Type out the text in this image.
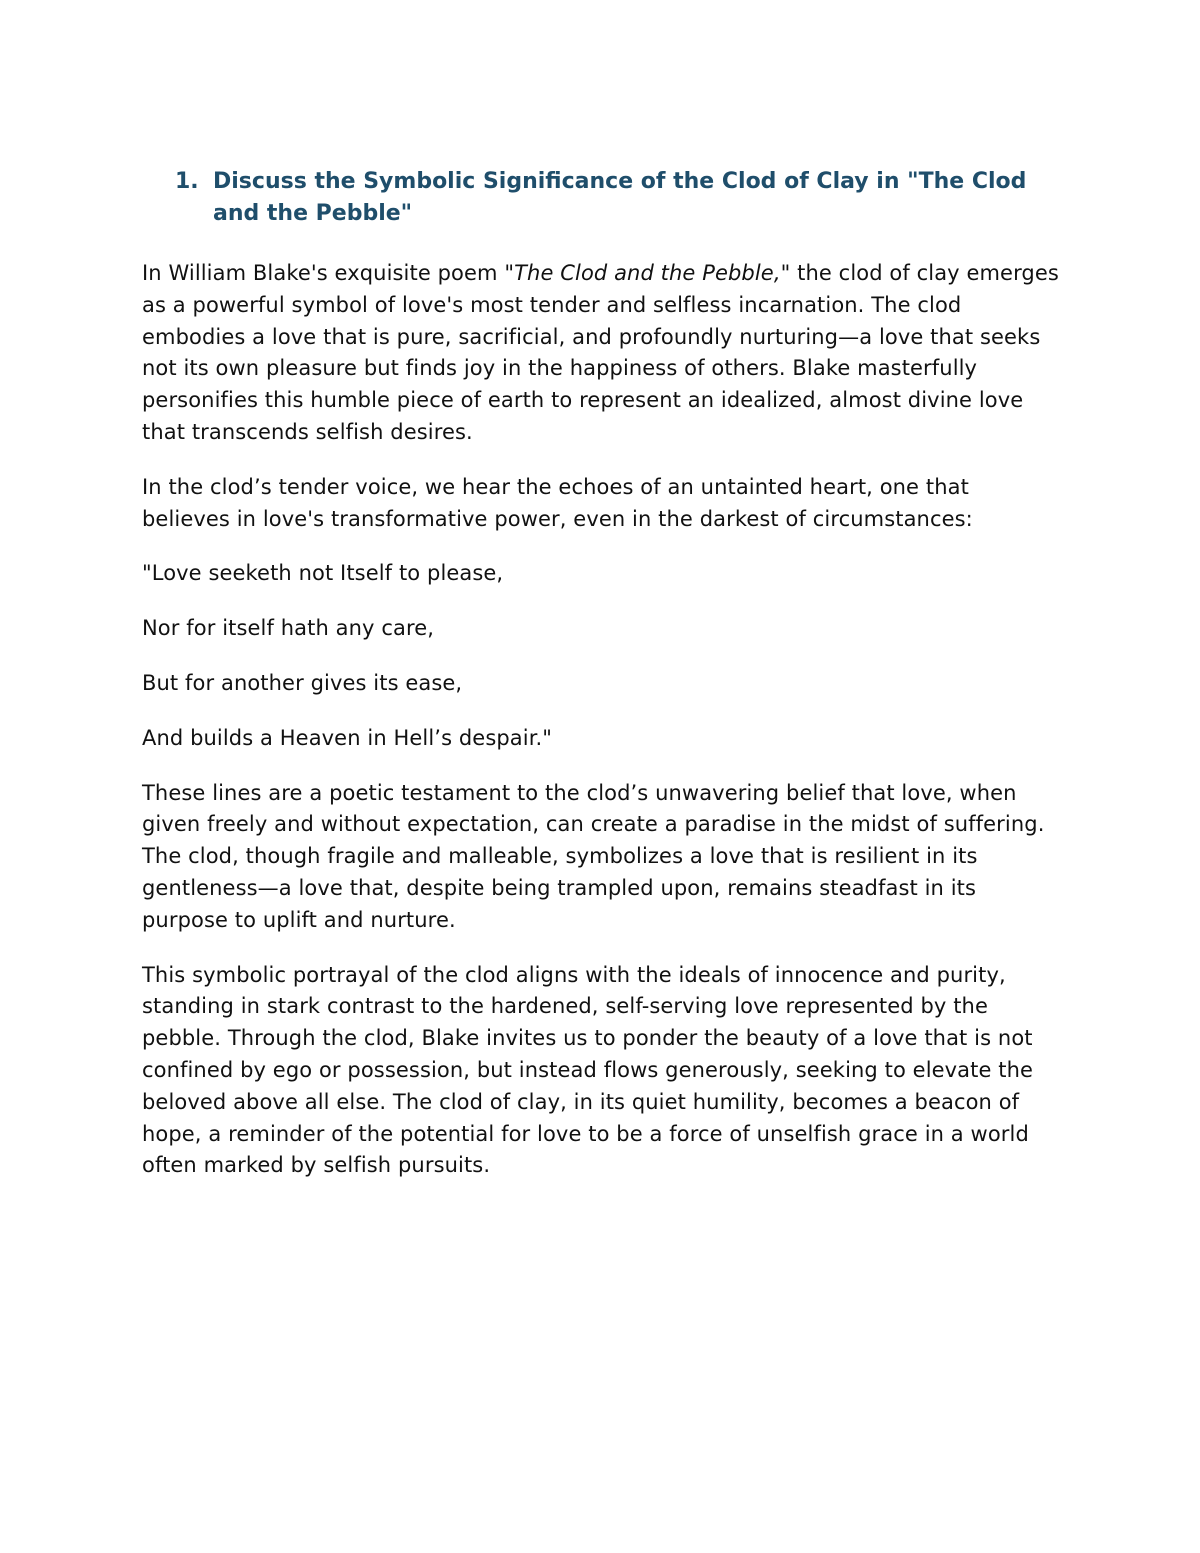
1. Discuss the Symbolic Significance of the Clod of Clay in "The Clod and the Pebble"

In William Blake's exquisite poem "The Clod and the Pebble," the clod of clay emerges as a powerful symbol of love's most tender and selfless incarnation. The clod embodies a love that is pure, sacrificial, and profoundly nurturing—a love that seeks not its own pleasure but finds joy in the happiness of others. Blake masterfully personifies this humble piece of earth to represent an idealized, almost divine love that transcends selfish desires.

In the clod’s tender voice, we hear the echoes of an untainted heart, one that believes in love's transformative power, even in the darkest of circumstances:

"Love seeketh not Itself to please,

Nor for itself hath any care,

But for another gives its ease,

And builds a Heaven in Hell’s despair."

These lines are a poetic testament to the clod’s unwavering belief that love, when given freely and without expectation, can create a paradise in the midst of suffering. The clod, though fragile and malleable, symbolizes a love that is resilient in its gentleness—a love that, despite being trampled upon, remains steadfast in its purpose to uplift and nurture.

This symbolic portrayal of the clod aligns with the ideals of innocence and purity, standing in stark contrast to the hardened, self-serving love represented by the pebble. Through the clod, Blake invites us to ponder the beauty of a love that is not confined by ego or possession, but instead flows generously, seeking to elevate the beloved above all else. The clod of clay, in its quiet humility, becomes a beacon of hope, a reminder of the potential for love to be a force of unselfish grace in a world often marked by selfish pursuits.
